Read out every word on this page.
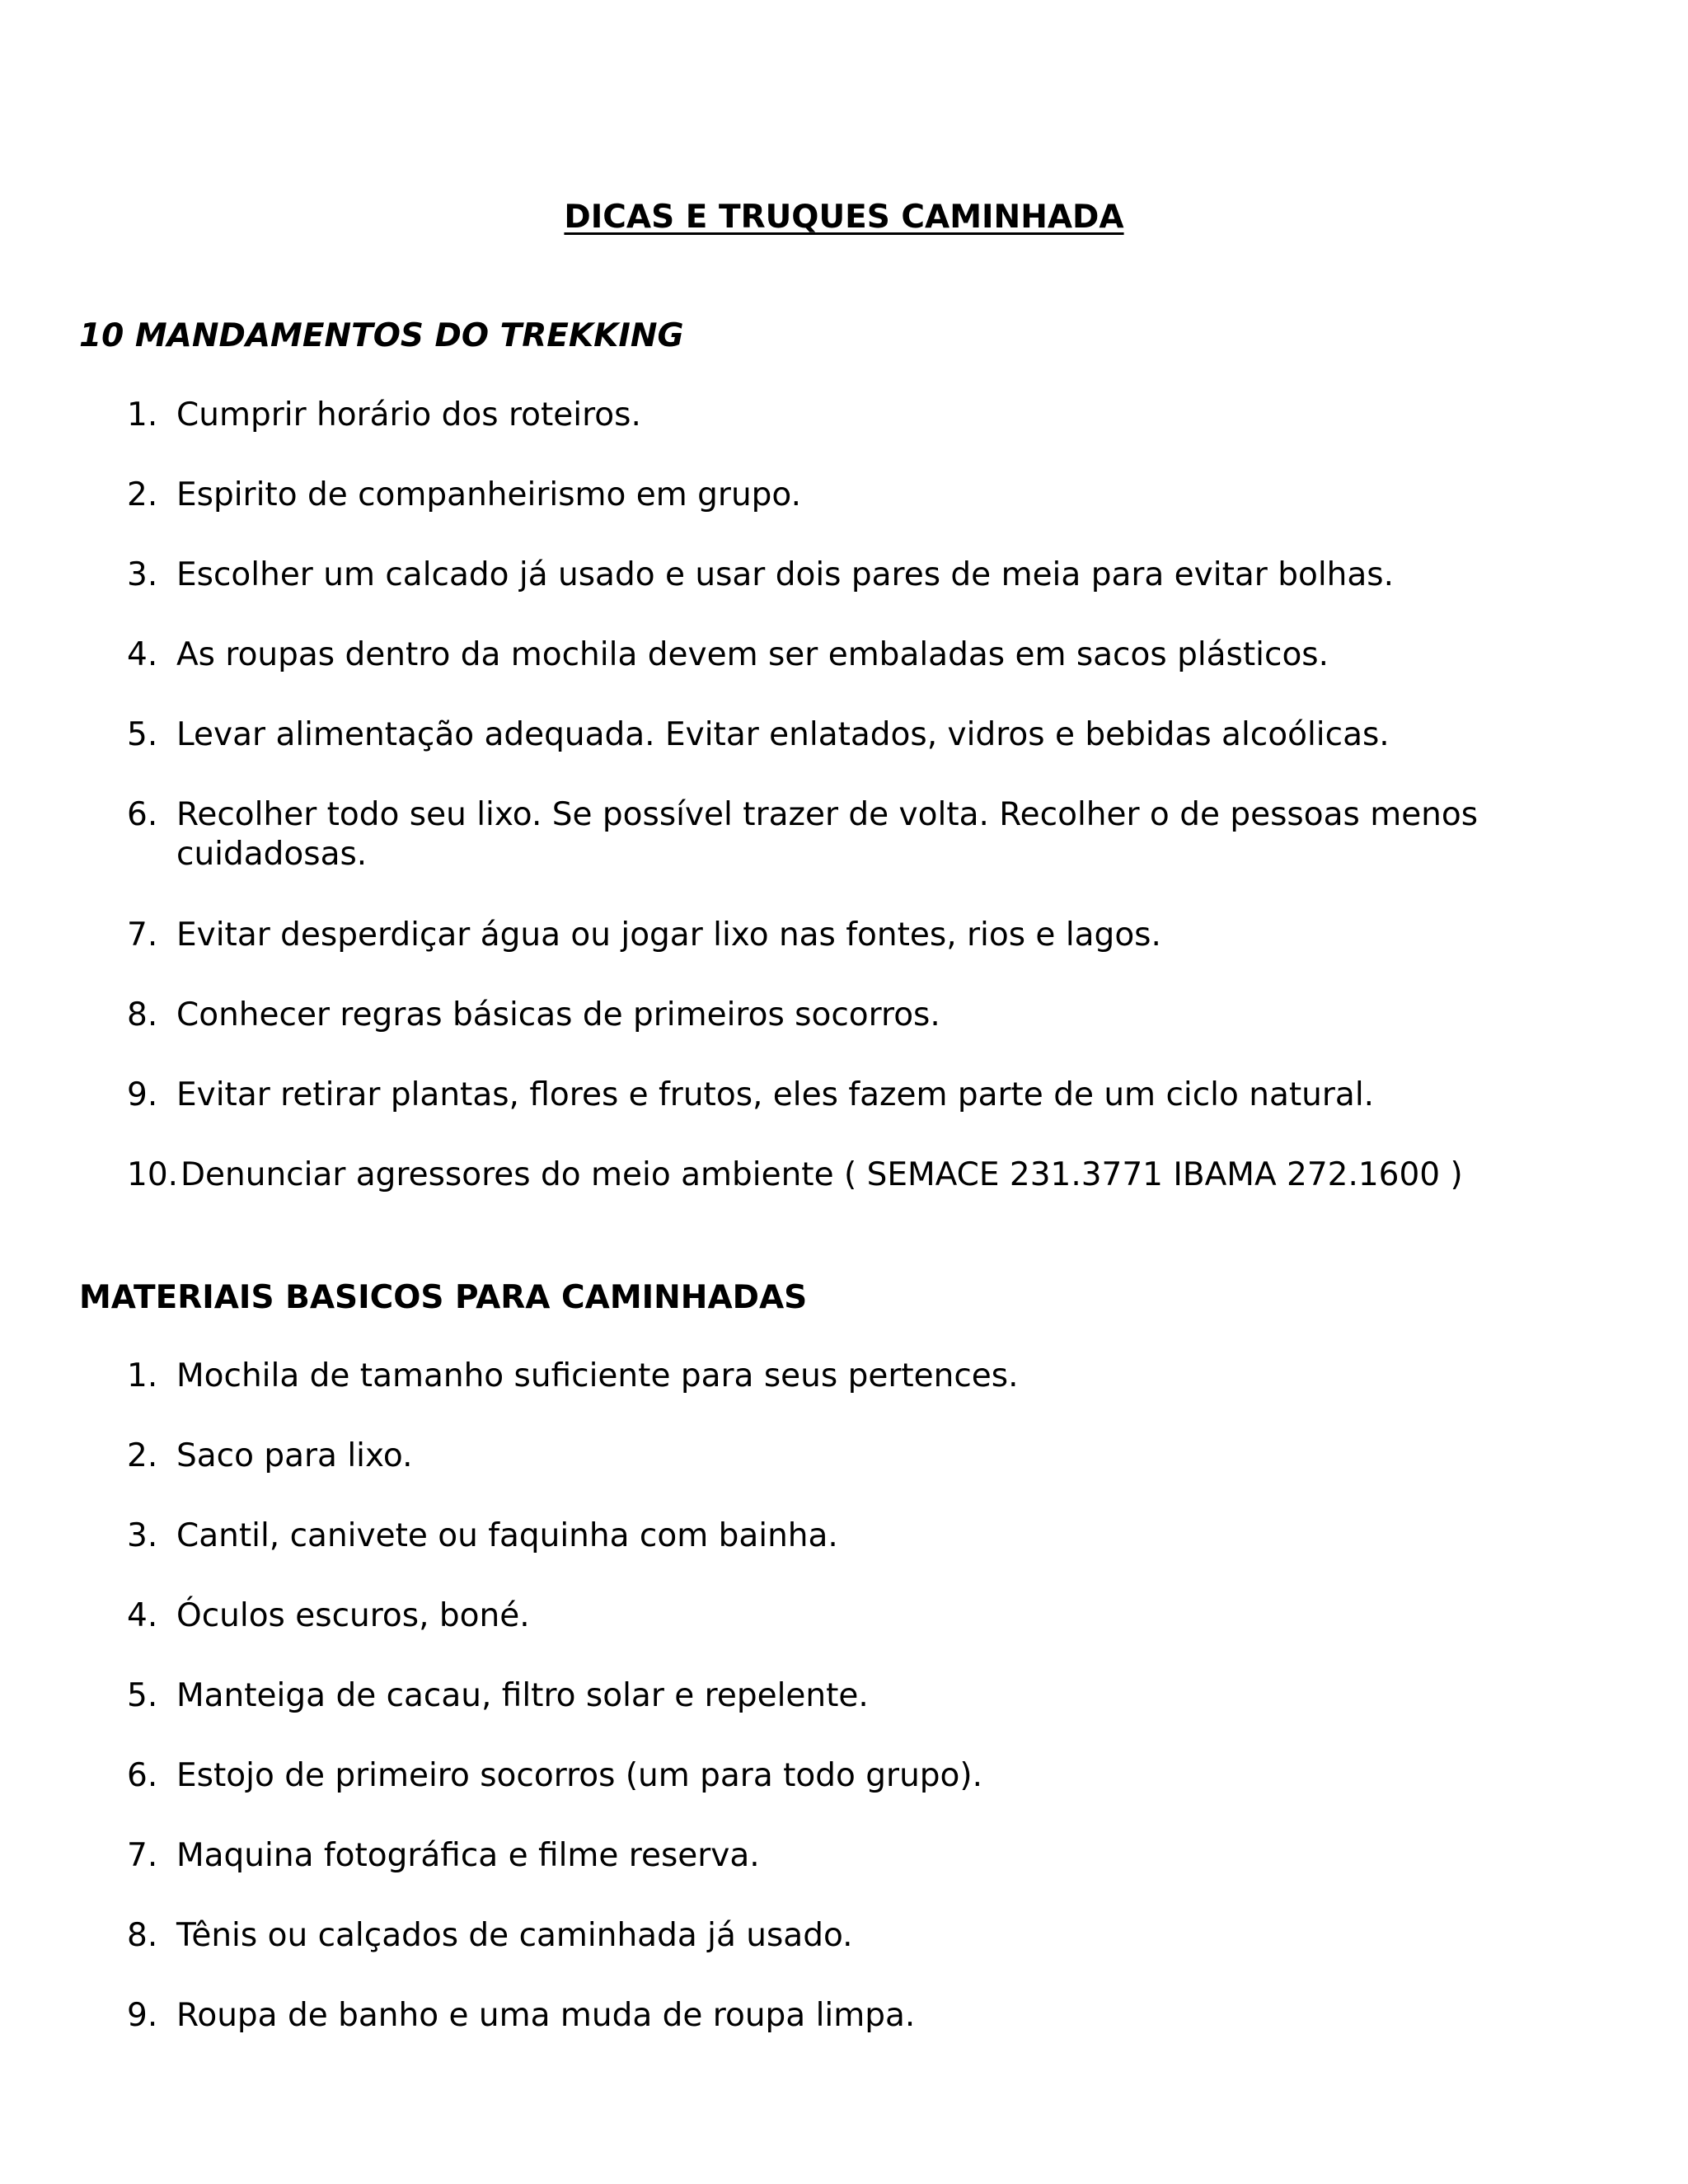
DICAS E TRUQUES CAMINHADA
10 MANDAMENTOS DO TREKKING
1. Cumprir horário dos roteiros.
2. Espirito de companheirismo em grupo.
3. Escolher um calcado já usado e usar dois pares de meia para evitar bolhas.
4. As roupas dentro da mochila devem ser embaladas em sacos plásticos.
5. Levar alimentação adequada. Evitar enlatados, vidros e bebidas alcoólicas.
6. Recolher todo seu lixo. Se possível trazer de volta. Recolher o de pessoas menos cuidadosas.
7. Evitar desperdiçar água ou jogar lixo nas fontes, rios e lagos.
8. Conhecer regras básicas de primeiros socorros.
9. Evitar retirar plantas, flores e frutos, eles fazem parte de um ciclo natural.
10. Denunciar agressores do meio ambiente ( SEMACE 231.3771 IBAMA 272.1600 )
MATERIAIS BASICOS PARA CAMINHADAS
1. Mochila de tamanho suficiente para seus pertences.
2. Saco para lixo.
3. Cantil, canivete ou faquinha com bainha.
4. Óculos escuros, boné.
5. Manteiga de cacau, filtro solar e repelente.
6. Estojo de primeiro socorros (um para todo grupo).
7. Maquina fotográfica e filme reserva.
8. Tênis ou calçados de caminhada já usado.
9. Roupa de banho e uma muda de roupa limpa.
